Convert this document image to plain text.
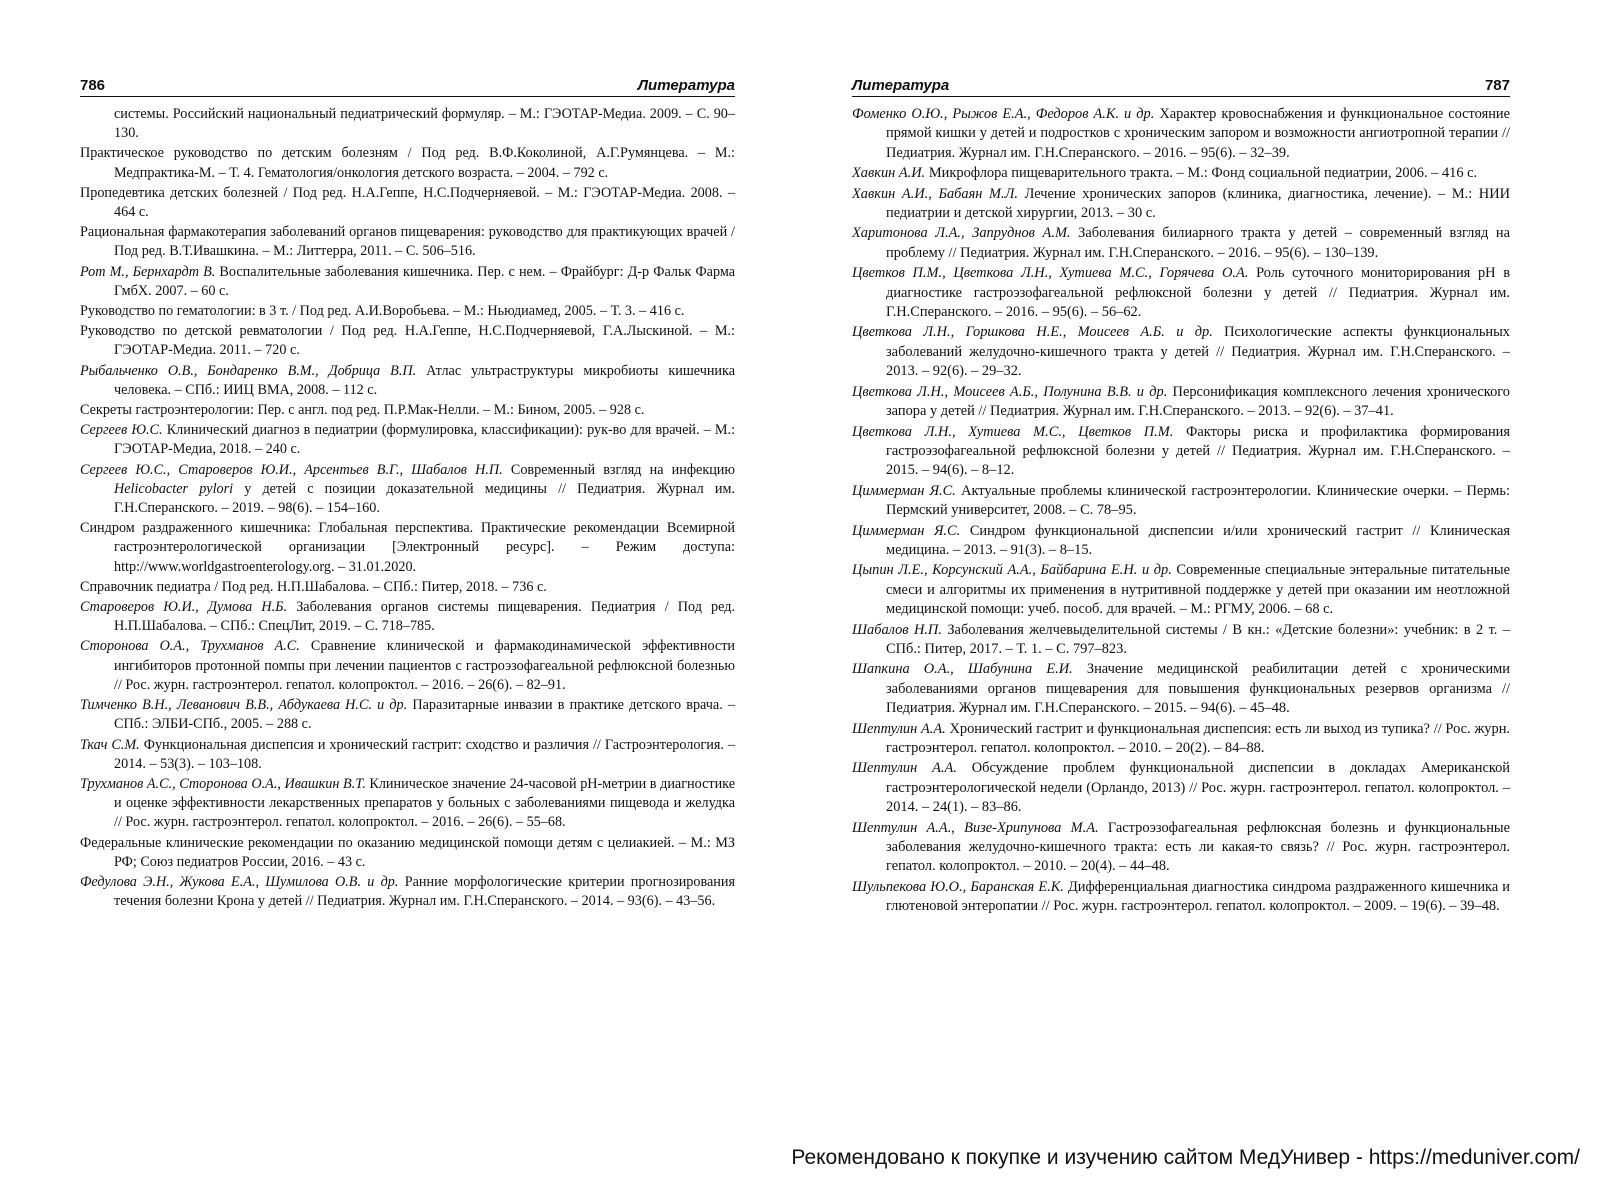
786	Литература

системы. Российский национальный педиатрический формуляр. – М.: ГЭОТАР-Медиа. 2009. – С. 90–130.

Практическое руководство по детским болезням / Под ред. В.Ф.Коколиной, А.Г.Румянцева. – М.: Медпрактика-М. – Т. 4. Гематология/онкология детского возраста. – 2004. – 792 с.

Пропедевтика детских болезней / Под ред. Н.А.Геппе, Н.С.Подчерняевой. – М.: ГЭОТАР-Медиа. 2008. – 464 с.

Рациональная фармакотерапия заболеваний органов пищеварения: руководство для практикующих врачей / Под ред. В.Т.Ивашкина. – М.: Литтерра, 2011. – С. 506–516.

Рот М., Бернхардт В. Воспалительные заболевания кишечника. Пер. с нем. – Фрайбург: Д-р Фальк Фарма ГмбХ. 2007. – 60 с.

Руководство по гематологии: в 3 т. / Под ред. А.И.Воробьева. – М.: Ньюдиамед, 2005. – Т. 3. – 416 с.

Руководство по детской ревматологии / Под ред. Н.А.Геппе, Н.С.Подчерняевой, Г.А.Лыскиной. – М.: ГЭОТАР-Медиа. 2011. – 720 с.

Рыбальченко О.В., Бондаренко В.М., Добрица В.П. Атлас ультраструктуры микробиоты кишечника человека. – СПб.: ИИЦ ВМА, 2008. – 112 с.

Секреты гастроэнтерологии: Пер. с англ. под ред. П.Р.Мак-Нелли. – М.: Бином, 2005. – 928 с.

Сергеев Ю.С. Клинический диагноз в педиатрии (формулировка, классификации): рук-во для врачей. – М.: ГЭОТАР-Медиа, 2018. – 240 с.

Сергеев Ю.С., Староверов Ю.И., Арсентьев В.Г., Шабалов Н.П. Современный взгляд на инфекцию Helicobacter pylori у детей с позиции доказательной медицины // Педиатрия. Журнал им. Г.Н.Сперанского. – 2019. – 98(6). – 154–160.

Синдром раздраженного кишечника: Глобальная перспектива. Практические рекомендации Всемирной гастроэнтерологической организации [Электронный ресурс]. – Режим доступа: http://www.worldgastroenterology.org. – 31.01.2020.

Справочник педиатра / Под ред. Н.П.Шабалова. – СПб.: Питер, 2018. – 736 с.

Староверов Ю.И., Думова Н.Б. Заболевания органов системы пищеварения. Педиатрия / Под ред. Н.П.Шабалова. – СПб.: СпецЛит, 2019. – С. 718–785.

Сторонова О.А., Трухманов А.С. Сравнение клинической и фармакодинамической эффективности ингибиторов протонной помпы при лечении пациентов с гастроэзофагеальной рефлюксной болезнью // Рос. журн. гастроэнтерол. гепатол. колопроктол. – 2016. – 26(6). – 82–91.

Тимченко В.Н., Леванович В.В., Абдукаева Н.С. и др. Паразитарные инвазии в практике детского врача. – СПб.: ЭЛБИ-СПб., 2005. – 288 с.

Ткач С.М. Функциональная диспепсия и хронический гастрит: сходство и различия // Гастроэнтерология. – 2014. – 53(3). – 103–108.

Трухманов А.С., Сторонова О.А., Ивашкин В.Т. Клиническое значение 24-часовой рН-метрии в диагностике и оценке эффективности лекарственных препаратов у больных с заболеваниями пищевода и желудка // Рос. журн. гастроэнтерол. гепатол. колопроктол. – 2016. – 26(6). – 55–68.

Федеральные клинические рекомендации по оказанию медицинской помощи детям с целиакией. – М.: МЗ РФ; Союз педиатров России, 2016. – 43 с.

Федулова Э.Н., Жукова Е.А., Шумилова О.В. и др. Ранние морфологические критерии прогнозирования течения болезни Крона у детей // Педиатрия. Журнал им. Г.Н.Сперанского. – 2014. – 93(6). – 43–56.

Литература	787

Фоменко О.Ю., Рыжов Е.А., Федоров А.К. и др. Характер кровоснабжения и функциональное состояние прямой кишки у детей и подростков с хроническим запором и возможности ангиотропной терапии // Педиатрия. Журнал им. Г.Н.Сперанского. – 2016. – 95(6). – 32–39.

Хавкин А.И. Микрофлора пищеварительного тракта. – М.: Фонд социальной педиатрии, 2006. – 416 с.

Хавкин А.И., Бабаян М.Л. Лечение хронических запоров (клиника, диагностика, лечение). – М.: НИИ педиатрии и детской хирургии, 2013. – 30 с.

Харитонова Л.А., Запруднов А.М. Заболевания билиарного тракта у детей – современный взгляд на проблему // Педиатрия. Журнал им. Г.Н.Сперанского. – 2016. – 95(6). – 130–139.

Цветков П.М., Цветкова Л.Н., Хутиева М.С., Горячева О.А. Роль суточного мониторирования рН в диагностике гастроэзофагеальной рефлюксной болезни у детей // Педиатрия. Журнал им. Г.Н.Сперанского. – 2016. – 95(6). – 56–62.

Цветкова Л.Н., Горшкова Н.Е., Моисеев А.Б. и др. Психологические аспекты функциональных заболеваний желудочно-кишечного тракта у детей // Педиатрия. Журнал им. Г.Н.Сперанского. – 2013. – 92(6). – 29–32.

Цветкова Л.Н., Моисеев А.Б., Полунина В.В. и др. Персонификация комплексного лечения хронического запора у детей // Педиатрия. Журнал им. Г.Н.Сперанского. – 2013. – 92(6). – 37–41.

Цветкова Л.Н., Хутиева М.С., Цветков П.М. Факторы риска и профилактика формирования гастроэзофагеальной рефлюксной болезни у детей // Педиатрия. Журнал им. Г.Н.Сперанского. – 2015. – 94(6). – 8–12.

Циммерман Я.С. Актуальные проблемы клинической гастроэнтерологии. Клинические очерки. – Пермь: Пермский университет, 2008. – С. 78–95.

Циммерман Я.С. Синдром функциональной диспепсии и/или хронический гастрит // Клиническая медицина. – 2013. – 91(3). – 8–15.

Цыпин Л.Е., Корсунский А.А., Байбарина Е.Н. и др. Современные специальные энтеральные питательные смеси и алгоритмы их применения в нутритивной поддержке у детей при оказании им неотложной медицинской помощи: учеб. пособ. для врачей. – М.: РГМУ, 2006. – 68 с.

Шабалов Н.П. Заболевания желчевыделительной системы / В кн.: «Детские болезни»: учебник: в 2 т. – СПб.: Питер, 2017. – Т. 1. – С. 797–823.

Шапкина О.А., Шабунина Е.И. Значение медицинской реабилитации детей с хроническими заболеваниями органов пищеварения для повышения функциональных резервов организма // Педиатрия. Журнал им. Г.Н.Сперанского. – 2015. – 94(6). – 45–48.

Шептулин А.А. Хронический гастрит и функциональная диспепсия: есть ли выход из тупика? // Рос. журн. гастроэнтерол. гепатол. колопроктол. – 2010. – 20(2). – 84–88.

Шептулин А.А. Обсуждение проблем функциональной диспепсии в докладах Американской гастроэнтерологической недели (Орландо, 2013) // Рос. журн. гастроэнтерол. гепатол. колопроктол. – 2014. – 24(1). – 83–86.

Шептулин А.А., Визе-Хрипунова М.А. Гастроэзофагеальная рефлюксная болезнь и функциональные заболевания желудочно-кишечного тракта: есть ли какая-то связь? // Рос. журн. гастроэнтерол. гепатол. колопроктол. – 2010. – 20(4). – 44–48.

Шульпекова Ю.О., Баранская Е.К. Дифференциальная диагностика синдрома раздраженного кишечника и глютеновой энтеропатии // Рос. журн. гастроэнтерол. гепатол. колопроктол. – 2009. – 19(6). – 39–48.

Рекомендовано к покупке и изучению сайтом МедУнивер - https://meduniver.com/
